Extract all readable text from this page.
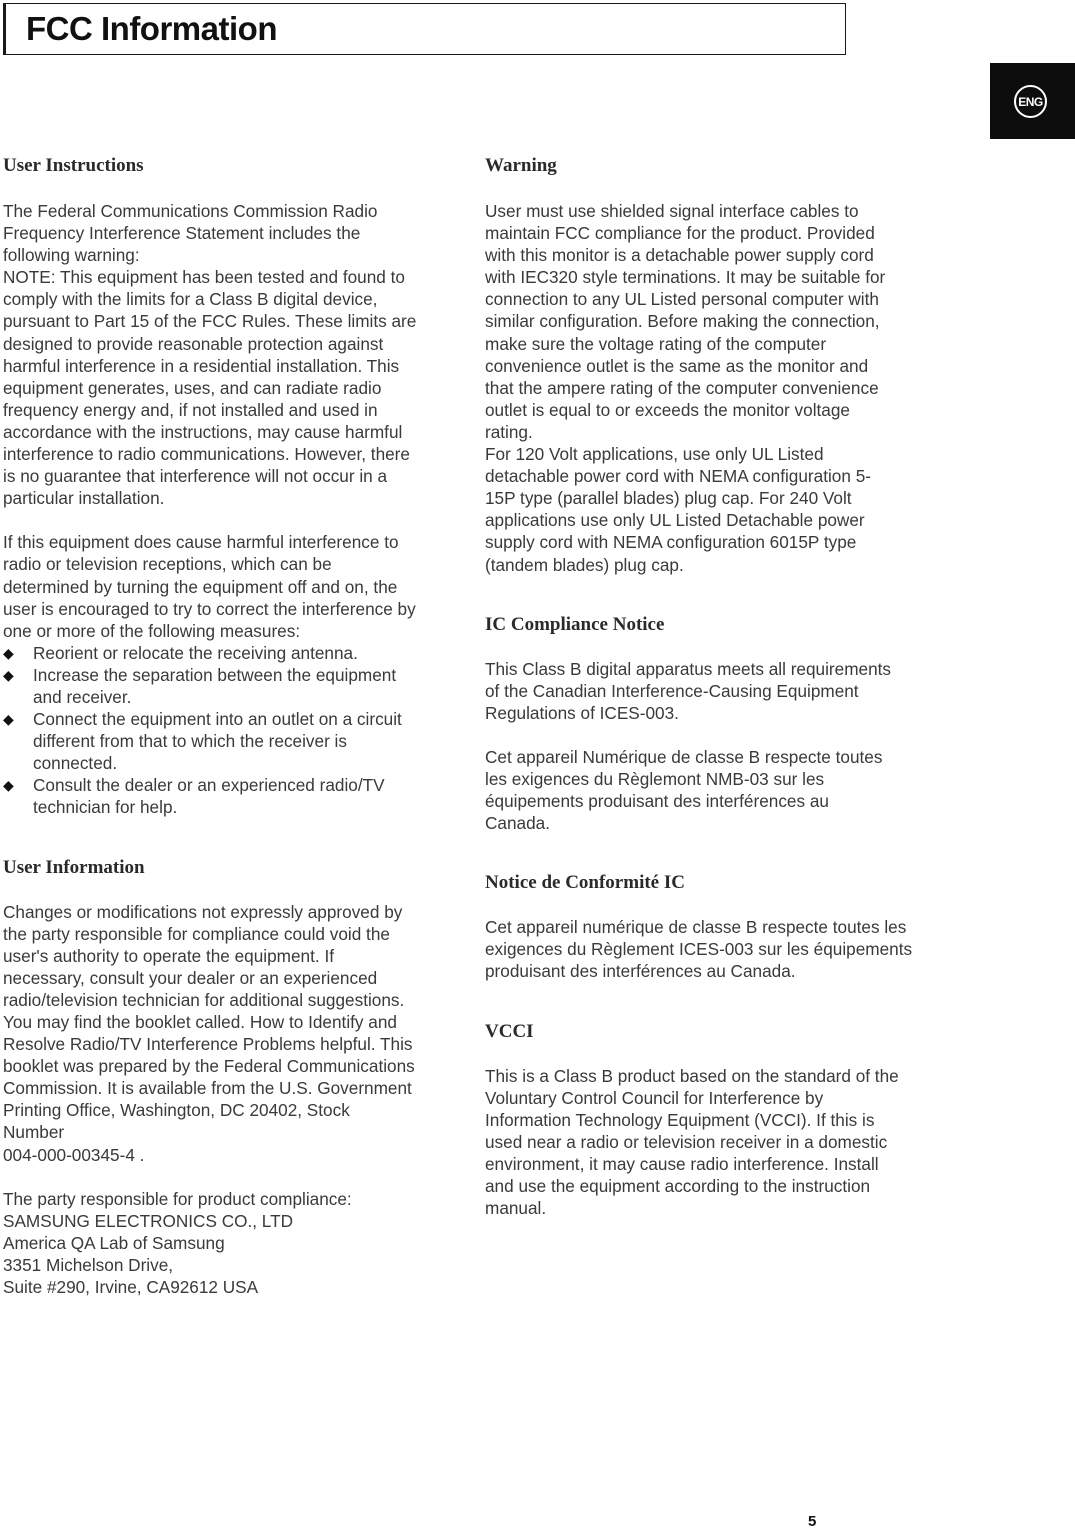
FCC Information
ENG
User Instructions

The Federal Communications Commission Radio
Frequency Interference Statement includes the
following warning:
NOTE: This equipment has been tested and found to
comply with the limits for a Class B digital device,
pursuant to Part 15 of the FCC Rules. These limits are
designed to provide reasonable protection against
harmful interference in a residential installation. This
equipment generates, uses, and can radiate radio
frequency energy and, if not installed and used in
accordance with the instructions, may cause harmful
interference to radio communications. However, there
is no guarantee that interference will not occur in a
particular installation.

If this equipment does cause harmful interference to
radio or television receptions, which can be
determined by turning the equipment off and on, the
user is encouraged to try to correct the interference by
one or more of the following measures:

◆ Reorient or relocate the receiving antenna.
◆ Increase the separation between the equipment
and receiver.
◆ Connect the equipment into an outlet on a circuit
different from that to which the receiver is
connected.
◆ Consult the dealer or an experienced radio/TV
technician for help.
User Information

Changes or modifications not expressly approved by
the party responsible for compliance could void the
user's authority to operate the equipment. If
necessary, consult your dealer or an experienced
radio/television technician for additional suggestions.
You may find the booklet called. How to Identify and
Resolve Radio/TV Interference Problems helpful. This
booklet was prepared by the Federal Communications
Commission. It is available from the U.S. Government
Printing Office, Washington, DC 20402, Stock
Number
004-000-00345-4 .

The party responsible for product compliance:
SAMSUNG ELECTRONICS CO., LTD
America QA Lab of Samsung
3351 Michelson Drive,
Suite #290, Irvine, CA92612 USA

Warning

User must use shielded signal interface cables to
maintain FCC compliance for the product. Provided
with this monitor is a detachable power supply cord
with IEC320 style terminations. It may be suitable for
connection to any UL Listed personal computer with
similar configuration. Before making the connection,
make sure the voltage rating of the computer
convenience outlet is the same as the monitor and
that the ampere rating of the computer convenience
outlet is equal to or exceeds the monitor voltage
rating.
For 120 Volt applications, use only UL Listed
detachable power cord with NEMA configuration 5-
15P type (parallel blades) plug cap. For 240 Volt
applications use only UL Listed Detachable power
supply cord with NEMA configuration 6015P type
(tandem blades) plug cap.

IC Compliance Notice

This Class B digital apparatus meets all requirements
of the Canadian Interference-Causing Equipment
Regulations of ICES-003.

Cet appareil Numérique de classe B respecte toutes
les exigences du Règlemont NMB-03 sur les
équipements produisant des interférences au
Canada.

Notice de Conformité IC

Cet appareil numérique de classe B respecte toutes les
exigences du Règlement ICES-003 sur les équipements
produisant des interférences au Canada.

VCCI

This is a Class B product based on the standard of the
Voluntary Control Council for Interference by
Information Technology Equipment (VCCI). If this is
used near a radio or television receiver in a domestic
environment, it may cause radio interference. Install
and use the equipment according to the instruction
manual.

5
